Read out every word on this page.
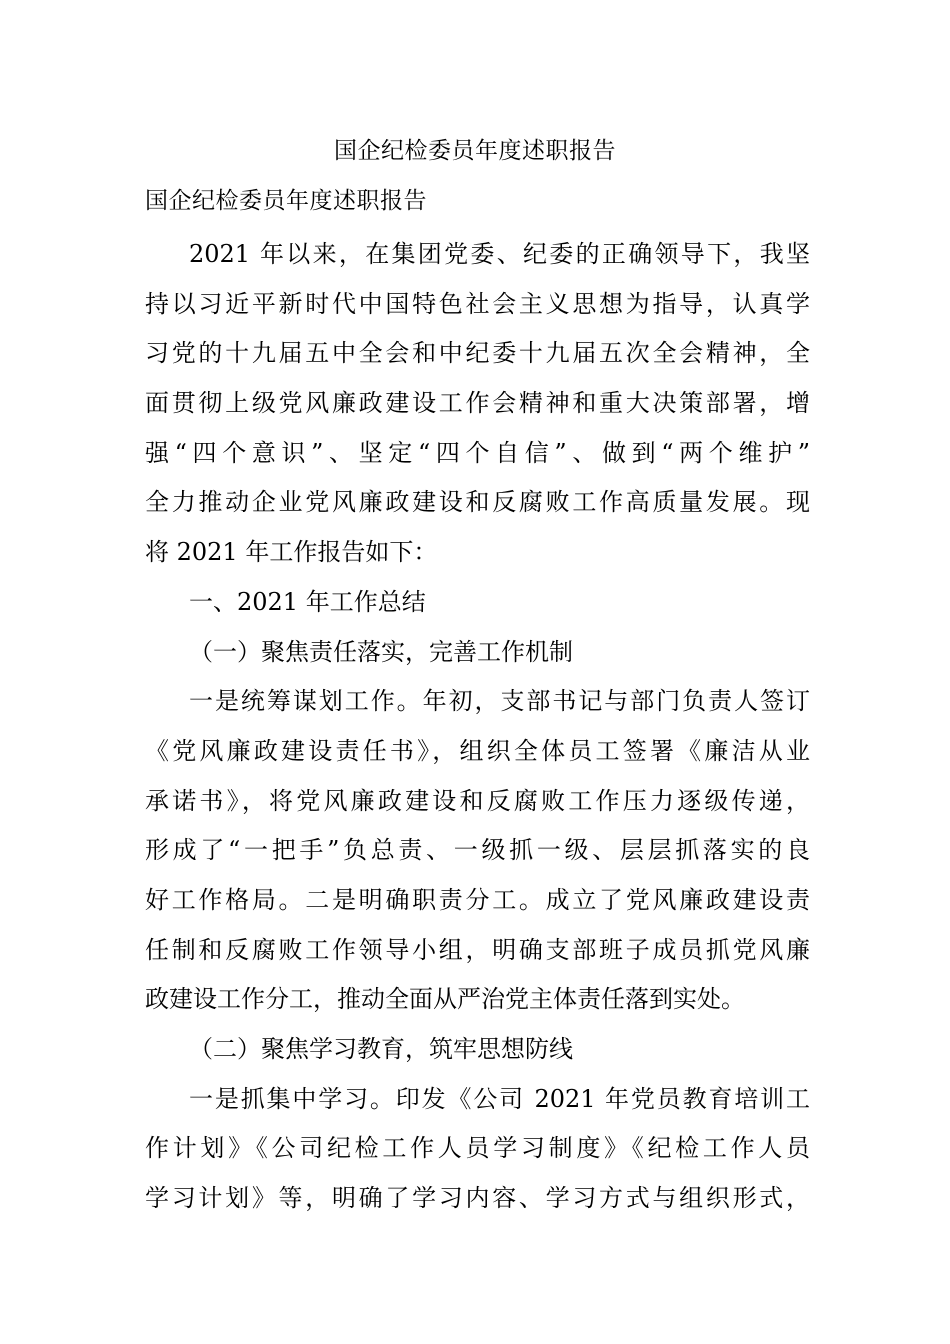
国企纪检委员年度述职报告
国企纪检委员年度述职报告
2021 年以来，在集团党委、纪委的正确领导下，我坚
持以习近平新时代中国特色社会主义思想为指导，认真学
习党的十九届五中全会和中纪委十九届五次全会精神，全
面贯彻上级党风廉政建设工作会精神和重大决策部署，增
强“四个意识”、坚定“四个自信”、做到“两个维护”
全力推动企业党风廉政建设和反腐败工作高质量发展。现
将 2021 年工作报告如下：
一、2021 年工作总结
（一）聚焦责任落实，完善工作机制
一是统筹谋划工作。年初，支部书记与部门负责人签订
《党风廉政建设责任书》，组织全体员工签署《廉洁从业
承诺书》，将党风廉政建设和反腐败工作压力逐级传递，
形成了“一把手”负总责、一级抓一级、层层抓落实的良
好工作格局。二是明确职责分工。成立了党风廉政建设责
任制和反腐败工作领导小组，明确支部班子成员抓党风廉
政建设工作分工，推动全面从严治党主体责任落到实处。
（二）聚焦学习教育，筑牢思想防线
一是抓集中学习。印发《公司 2021 年党员教育培训工
作计划》《公司纪检工作人员学习制度》《纪检工作人员
学习计划》等，明确了学习内容、学习方式与组织形式，
